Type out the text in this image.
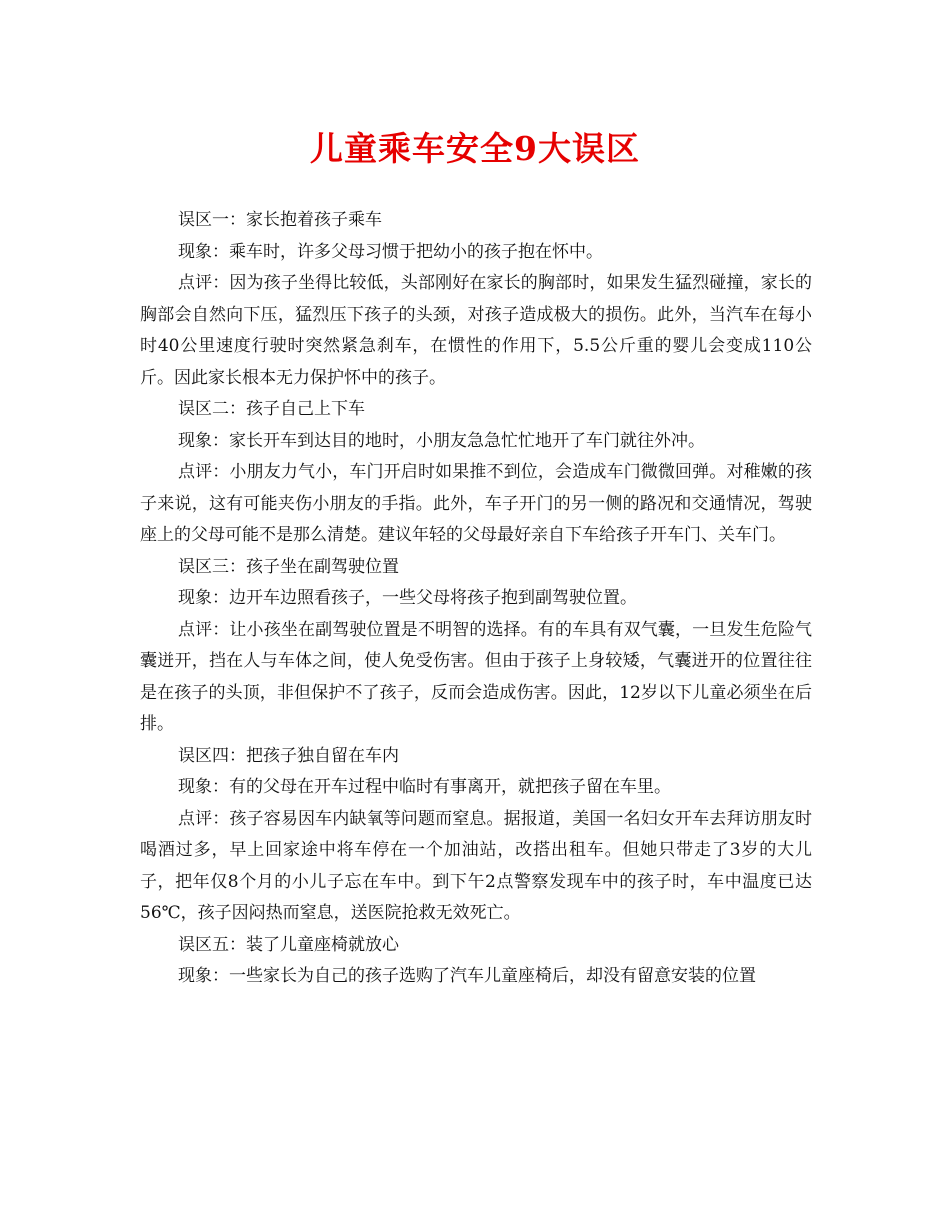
儿童乘车安全9大误区

误区一：家长抱着孩子乘车

现象：乘车时，许多父母习惯于把幼小的孩子抱在怀中。

点评：因为孩子坐得比较低，头部刚好在家长的胸部时，如果发生猛烈碰撞，家长的胸部会自然向下压，猛烈压下孩子的头颈，对孩子造成极大的损伤。此外，当汽车在每小时40公里速度行驶时突然紧急刹车，在惯性的作用下，5.5公斤重的婴儿会变成110公斤。因此家长根本无力保护怀中的孩子。

误区二：孩子自己上下车

现象：家长开车到达目的地时，小朋友急急忙忙地开了车门就往外冲。

点评：小朋友力气小，车门开启时如果推不到位，会造成车门微微回弹。对稚嫩的孩子来说，这有可能夹伤小朋友的手指。此外，车子开门的另一侧的路况和交通情况，驾驶座上的父母可能不是那么清楚。建议年轻的父母最好亲自下车给孩子开车门、关车门。

误区三：孩子坐在副驾驶位置

现象：边开车边照看孩子，一些父母将孩子抱到副驾驶位置。

点评：让小孩坐在副驾驶位置是不明智的选择。有的车具有双气囊，一旦发生危险气囊迸开，挡在人与车体之间，使人免受伤害。但由于孩子上身较矮，气囊迸开的位置往往是在孩子的头顶，非但保护不了孩子，反而会造成伤害。因此，12岁以下儿童必须坐在后排。

误区四：把孩子独自留在车内

现象：有的父母在开车过程中临时有事离开，就把孩子留在车里。

点评：孩子容易因车内缺氧等问题而窒息。据报道，美国一名妇女开车去拜访朋友时喝酒过多，早上回家途中将车停在一个加油站，改搭出租车。但她只带走了3岁的大儿子，把年仅8个月的小儿子忘在车中。到下午2点警察发现车中的孩子时，车中温度已达56℃，孩子因闷热而窒息，送医院抢救无效死亡。

误区五：装了儿童座椅就放心

现象：一些家长为自己的孩子选购了汽车儿童座椅后，却没有留意安装的位置
